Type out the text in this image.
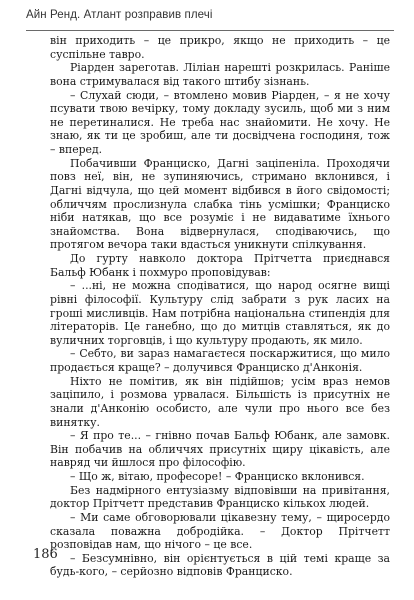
Айн Ренд. Атлант розправив плечі

він приходить – це прикро, якщо не приходить – це суспільне тавро.

Ріарден зареготав. Ліліан нарешті розкрилась. Раніше вона стримувалася від такого штибу зізнань.

– Слухай сюди, – втомлено мовив Ріарден, – я не хочу псувати твою вечірку, тому докладу зусиль, щоб ми з ним не перетиналися. Не треба нас знайомити. Не хочу. Не знаю, як ти це зробиш, але ти досвідчена господиня, тож – вперед.

Побачивши Франциско, Дагні заціпеніла. Проходячи повз неї, він, не зупиняючись, стримано вклонився, і Дагні відчула, що цей момент відбився в його свідомості; обличчям прослизнула слабка тінь усмішки; Франциско ніби натякав, що все розуміє і не видаватиме їхнього знайомства. Вона відвернулася, сподіваючись, що протягом вечора таки вдасться уникнути спілкування.

До гурту навколо доктора Прітчетта приєднався Бальф Юбанк і похмуро проповідував:

– ...ні, не можна сподіватися, що народ осягне вищі рівні філософії. Культуру слід забрати з рук ласих на гроші мисливців. Нам потрібна національна стипендія для літераторів. Це ганебно, що до митців ставляться, як до вуличних торговців, і що культуру продають, як мило.

– Себто, ви зараз намагаєтеся поскаржитися, що мило продається краще? – долучився Франциско д'Анконія.

Ніхто не помітив, як він підійшов; усім враз немов зaціпило, і розмова урвалася. Більшість із присутніх не знали д'Анконію особисто, але чули про нього все без винятку.

– Я про те... – гнівно почав Бальф Юбанк, але замовк. Він побачив на обличчях присутніх щиру цікавість, але навряд чи йшлося про філософію.

– Що ж, вітаю, професоре! – Франциско вклонився.

Без надмірного ентузіазму відповівши на привітання, доктор Прітчетт представив Франциско кількох людей.

– Ми саме обговорювали цікавезну тему, – щиросердо сказала поважна добродійка. – Доктор Прітчетт розповідав нам, що нічого – це все.

– Безсумнівно, він орієнтується в цій темі краще за будь-кого, – серйозно відповів Франциско.

186
